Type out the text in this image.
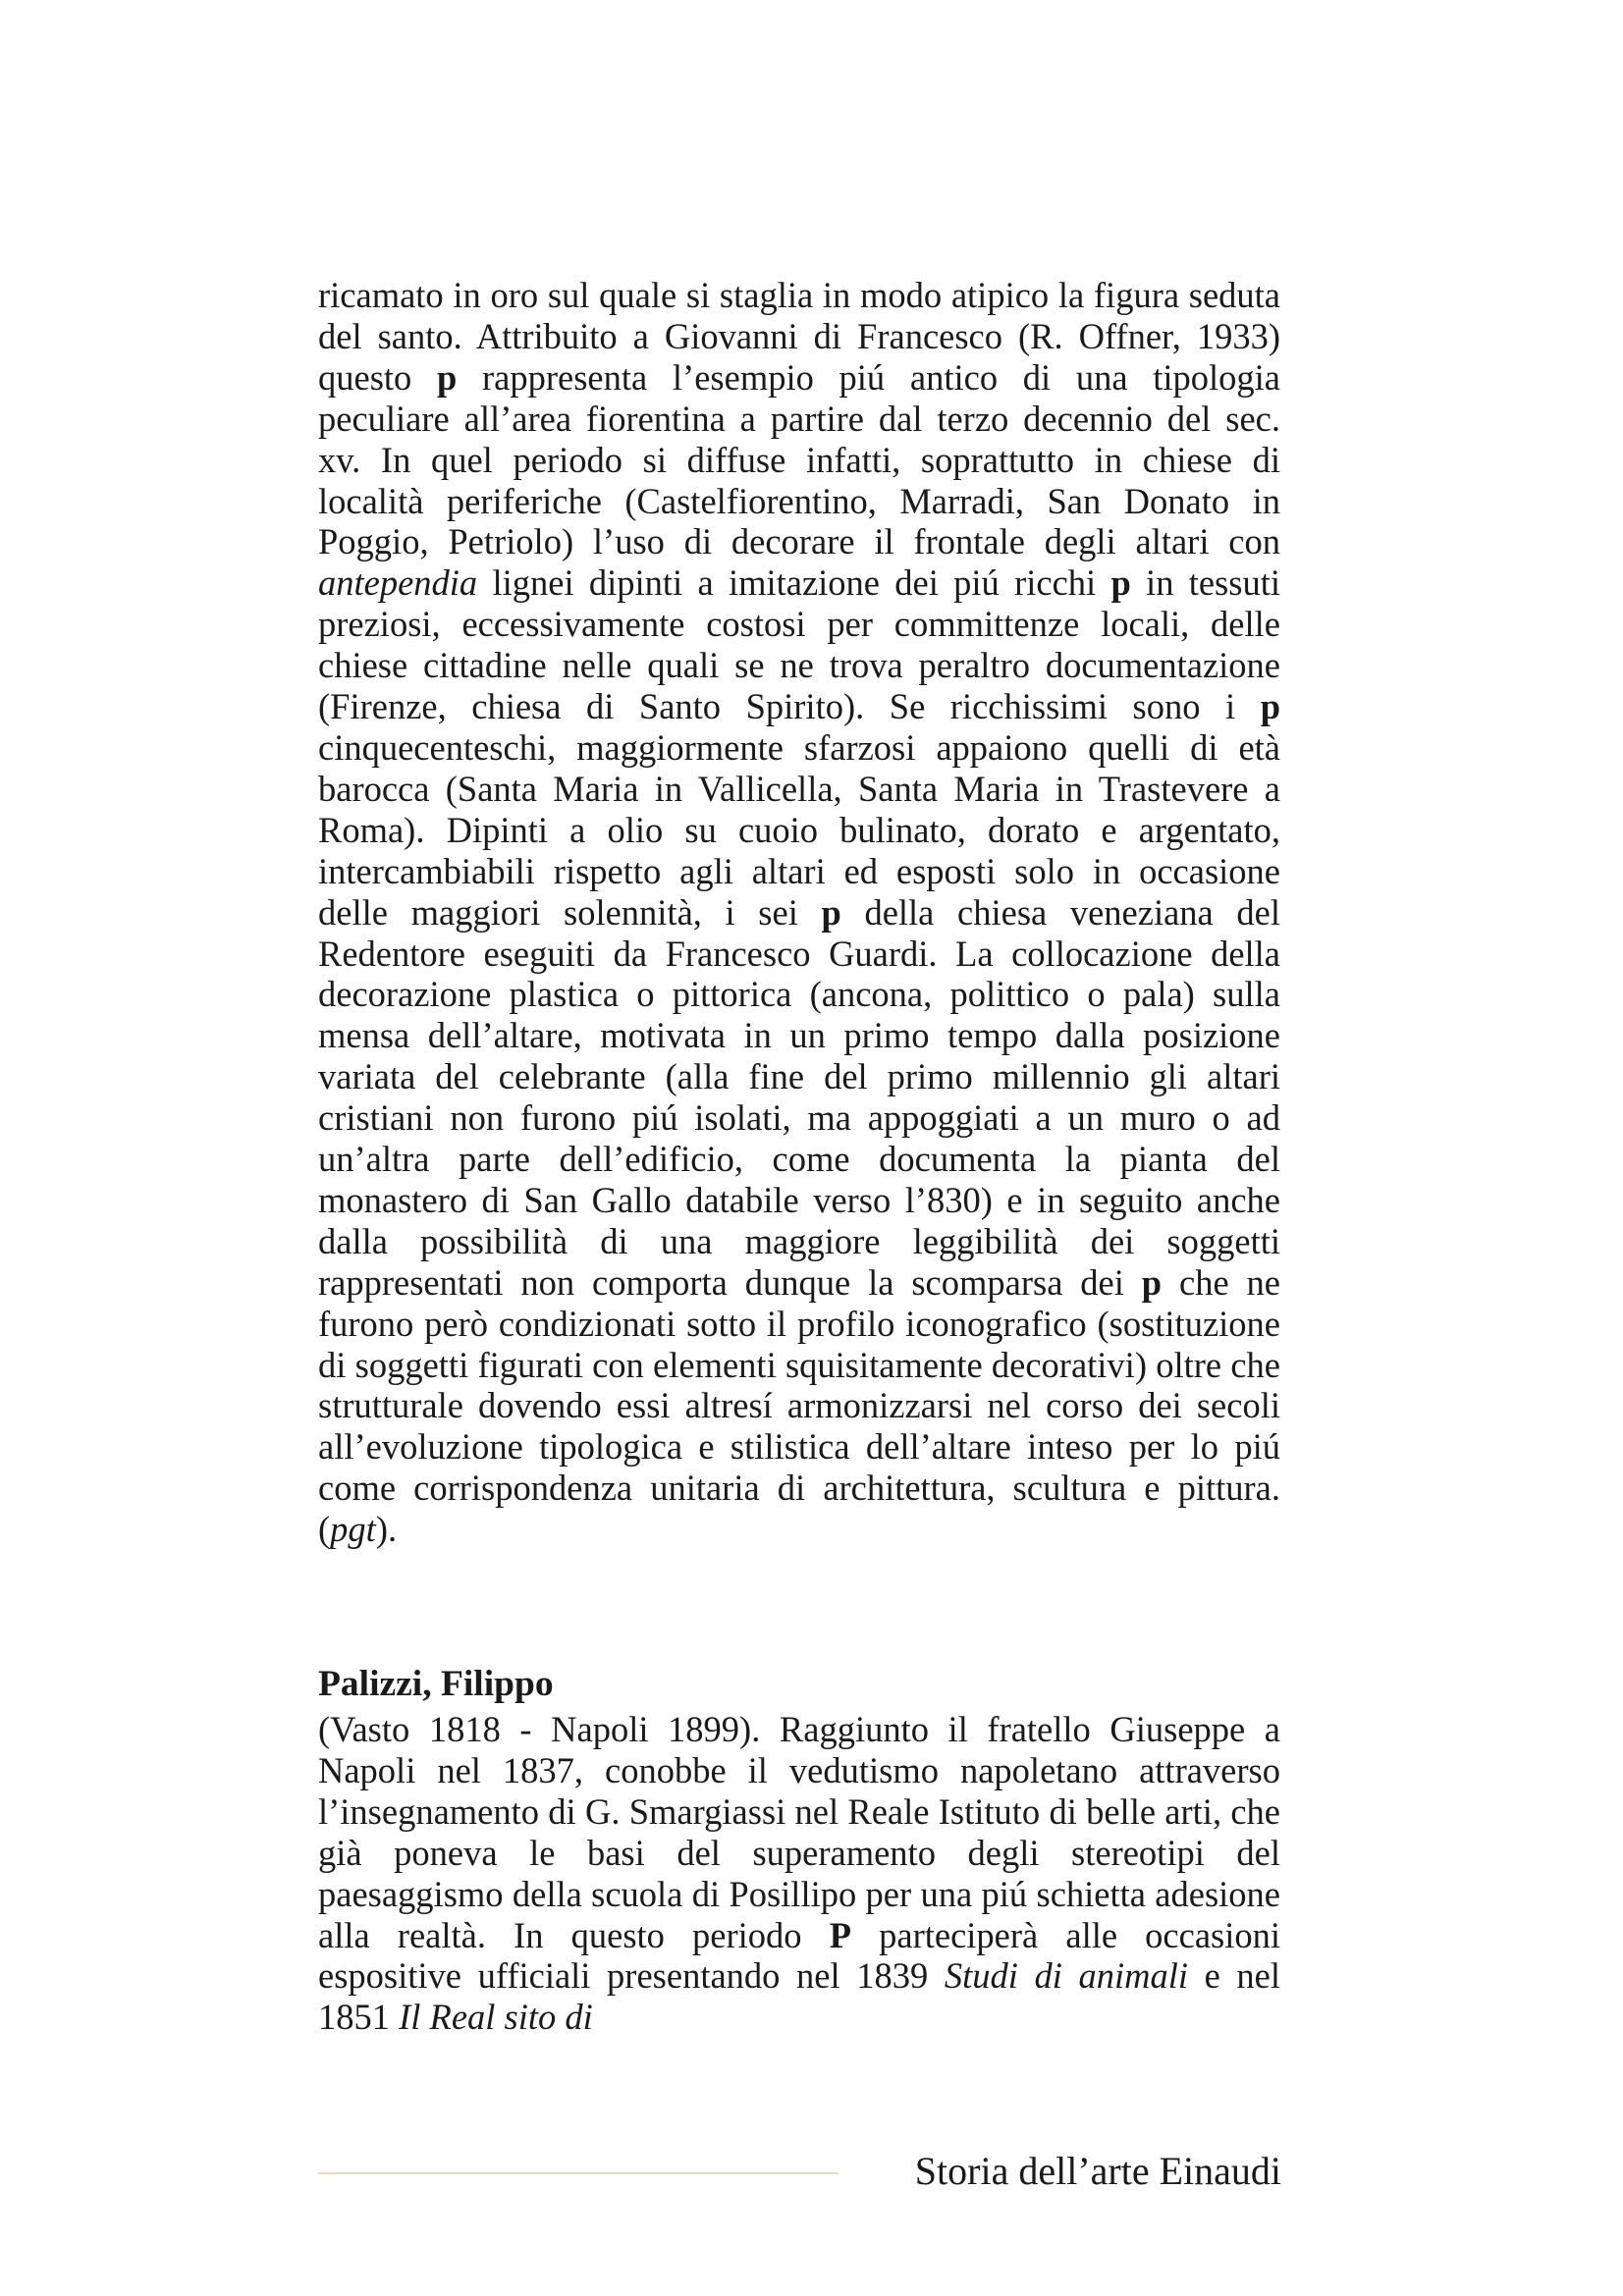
ricamato in oro sul quale si staglia in modo atipico la figura seduta del santo. Attribuito a Giovanni di Francesco (R. Offner, 1933) questo p rappresenta l’esempio piú antico di una tipologia peculiare all’area fiorentina a partire dal terzo decennio del sec. xv. In quel periodo si diffuse infatti, soprattutto in chiese di località periferiche (Castelfiorentino, Marradi, San Donato in Poggio, Petriolo) l’uso di decorare il frontale degli altari con antependia lignei dipinti a imitazione dei piú ricchi p in tessuti preziosi, eccessivamente costosi per committenze locali, delle chiese cittadine nelle quali se ne trova peraltro documentazione (Firenze, chiesa di Santo Spirito). Se ricchissimi sono i p cinquecenteschi, maggiormente sfarzosi appaiono quelli di età barocca (Santa Maria in Vallicella, Santa Maria in Trastevere a Roma). Dipinti a olio su cuoio bulinato, dorato e argentato, intercambiabili rispetto agli altari ed esposti solo in occasione delle maggiori solennità, i sei p della chiesa veneziana del Redentore eseguiti da Francesco Guardi. La collocazione della decorazione plastica o pittorica (ancona, polittico o pala) sulla mensa dell’altare, motivata in un primo tempo dalla posizione variata del celebrante (alla fine del primo millennio gli altari cristiani non furono piú isolati, ma appoggiati a un muro o ad un’altra parte dell’edificio, come documenta la pianta del monastero di San Gallo databile verso l’830) e in seguito anche dalla possibilità di una maggiore leggibilità dei soggetti rappresentati non comporta dunque la scomparsa dei p che ne furono però condizionati sotto il profilo iconografico (sostituzione di soggetti figurati con elementi squisitamente decorativi) oltre che strutturale dovendo essi altresí armonizzarsi nel corso dei secoli all’evoluzione tipologica e stilistica dell’altare inteso per lo piú come corrispondenza unitaria di architettura, scultura e pittura. (pgt).

Palizzi, Filippo

(Vasto 1818 - Napoli 1899). Raggiunto il fratello Giuseppe a Napoli nel 1837, conobbe il vedutismo napoletano attraverso l’insegnamento di G. Smargiassi nel Reale Istituto di belle arti, che già poneva le basi del superamento degli stereotipi del paesaggismo della scuola di Posillipo per una piú schietta adesione alla realtà. In questo periodo P parteciperà alle occasioni espositive ufficiali presentando nel 1839 Studi di animali e nel 1851 Il Real sito di

Storia dell’arte Einaudi
